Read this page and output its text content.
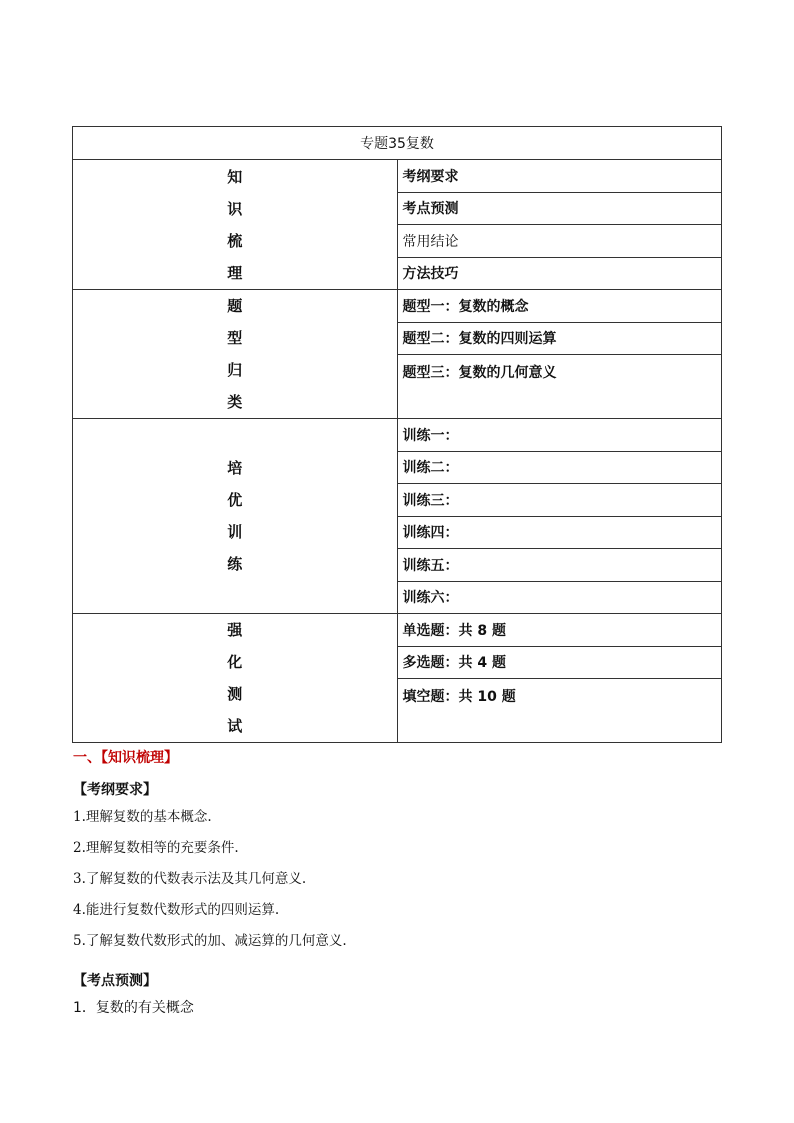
专题35复数	

知
识
梳
理	考纲要求
	考点预测
	常用结论
	方法技巧

题
型
归
类	题型一：复数的概念
	题型二：复数的四则运算
	题型三：复数的几何意义

培
优
训
练	训练一：
	训练二：
	训练三：
	训练四：
	训练五：
	训练六：

强
化
测
试	单选题：共 8 题
	多选题：共 4 题
	填空题：共 10 题
一、【知识梳理】
【考纲要求】
1.理解复数的基本概念.
2.理解复数相等的充要条件.
3.了解复数的代数表示法及其几何意义.
4.能进行复数代数形式的四则运算.
5.了解复数代数形式的加、减运算的几何意义.
【考点预测】
1．复数的有关概念
